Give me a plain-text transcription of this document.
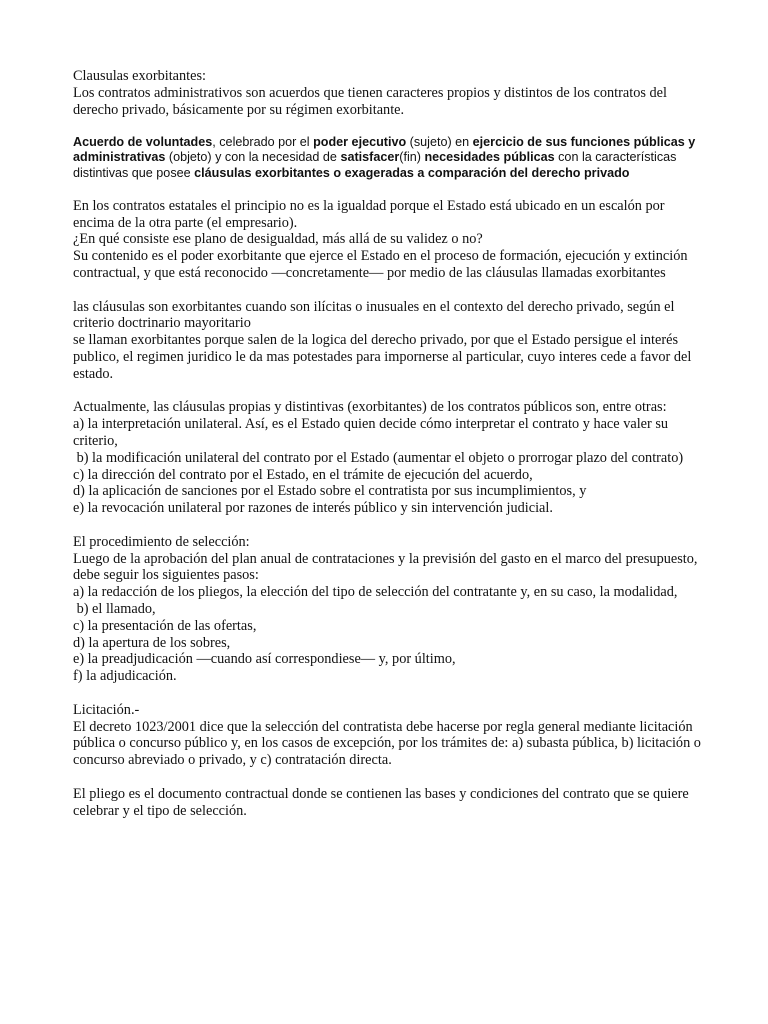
Clausulas exorbitantes:
Los contratos administrativos son acuerdos que tienen caracteres propios y distintos de los contratos del derecho privado, básicamente por su régimen exorbitante.
Acuerdo de voluntades, celebrado por el poder ejecutivo (sujeto) en ejercicio de sus funciones públicas y administrativas (objeto) y con la necesidad de satisfacer(fin) necesidades públicas con la características distintivas que posee cláusulas exorbitantes o exageradas a comparación del derecho privado
En los contratos estatales el principio no es la igualdad porque el Estado está ubicado en un escalón por encima de la otra parte (el empresario).
¿En qué consiste ese plano de desigualdad, más allá de su validez o no?
Su contenido es el poder exorbitante que ejerce el Estado en el proceso de formación, ejecución y extinción contractual, y que está reconocido —concretamente— por medio de las cláusulas llamadas exorbitantes
las cláusulas son exorbitantes cuando son ilícitas o inusuales en el contexto del derecho privado, según el criterio doctrinario mayoritario
se llaman exorbitantes porque salen de la logica del derecho privado, por que el Estado persigue el interés publico, el regimen juridico le da mas potestades para impornerse al particular, cuyo interes cede a favor del estado.
Actualmente, las cláusulas propias y distintivas (exorbitantes) de los contratos públicos son, entre otras:
a) la interpretación unilateral. Así, es el Estado quien decide cómo interpretar el contrato y hace valer su criterio,
b) la modificación unilateral del contrato por el Estado (aumentar el objeto o prorrogar plazo del contrato)
c) la dirección del contrato por el Estado, en el trámite de ejecución del acuerdo,
d) la aplicación de sanciones por el Estado sobre el contratista por sus incumplimientos, y
e) la revocación unilateral por razones de interés público y sin intervención judicial.
El procedimiento de selección:
Luego de la aprobación del plan anual de contrataciones y la previsión del gasto en el marco del presupuesto, debe seguir los siguientes pasos:
a) la redacción de los pliegos, la elección del tipo de selección del contratante y, en su caso, la modalidad,
b) el llamado,
c) la presentación de las ofertas,
d) la apertura de los sobres,
e) la preadjudicación —cuando así correspondiese— y, por último,
f) la adjudicación.
Licitación.-
El decreto 1023/2001 dice que la selección del contratista debe hacerse por regla general mediante licitación pública o concurso público y, en los casos de excepción, por los trámites de: a) subasta pública, b) licitación o concurso abreviado o privado, y c) contratación directa.
El pliego es el documento contractual donde se contienen las bases y condiciones del contrato que se quiere celebrar y el tipo de selección.
